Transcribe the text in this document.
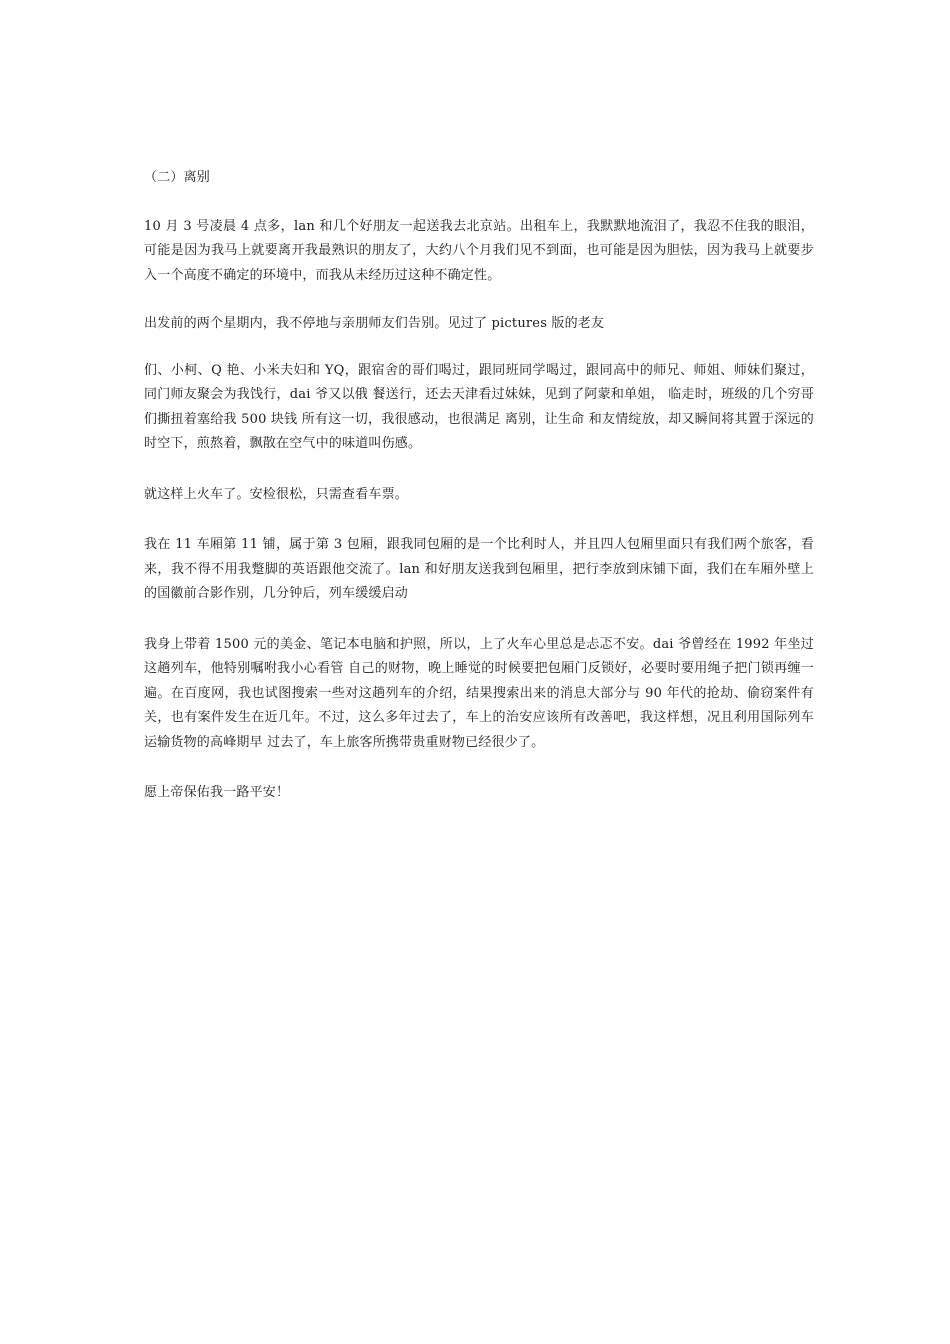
（二）离别

10 月 3 号凌晨 4 点多，lan 和几个好朋友一起送我去北京站。出租车上，我默默地流泪了，我忍不住我的眼泪，可能是因为我马上就要离开我最熟识的朋友了，大约八个月我们见不到面，也可能是因为胆怯，因为我马上就要步入一个高度不确定的环境中，而我从未经历过这种不确定性。

出发前的两个星期内，我不停地与亲朋师友们告别。见过了 pictures 版的老友

们、小柯、Q 艳、小米夫妇和 YQ，跟宿舍的哥们喝过，跟同班同学喝过，跟同高中的师兄、师姐、师妹们聚过，同门师友聚会为我饯行，dai 爷又以俄 餐送行，还去天津看过妹妹，见到了阿蒙和单姐， 临走时，班级的几个穷哥们撕扭着塞给我 500 块钱 所有这一切，我很感动，也很满足 离别，让生命 和友情绽放，却又瞬间将其置于深远的时空下，煎熬着，飘散在空气中的味道叫伤感。

就这样上火车了。安检很松，只需查看车票。

我在 11 车厢第 11 铺，属于第 3 包厢，跟我同包厢的是一个比利时人，并且四人包厢里面只有我们两个旅客，看来，我不得不用我蹩脚的英语跟他交流了。lan 和好朋友送我到包厢里，把行李放到床铺下面，我们在车厢外壁上的国徽前合影作别，几分钟后，列车缓缓启动

我身上带着 1500 元的美金、笔记本电脑和护照，所以，上了火车心里总是忐忑不安。dai 爷曾经在 1992 年坐过这趟列车，他特别嘱咐我小心看管 自己的财物，晚上睡觉的时候要把包厢门反锁好，必要时要用绳子把门锁再缠一遍。在百度网，我也试图搜索一些对这趟列车的介绍，结果搜索出来的消息大部分与 90 年代的抢劫、偷窃案件有关，也有案件发生在近几年。不过，这么多年过去了，车上的治安应该所有改善吧，我这样想，况且利用国际列车运输货物的高峰期早 过去了，车上旅客所携带贵重财物已经很少了。

愿上帝保佑我一路平安！
